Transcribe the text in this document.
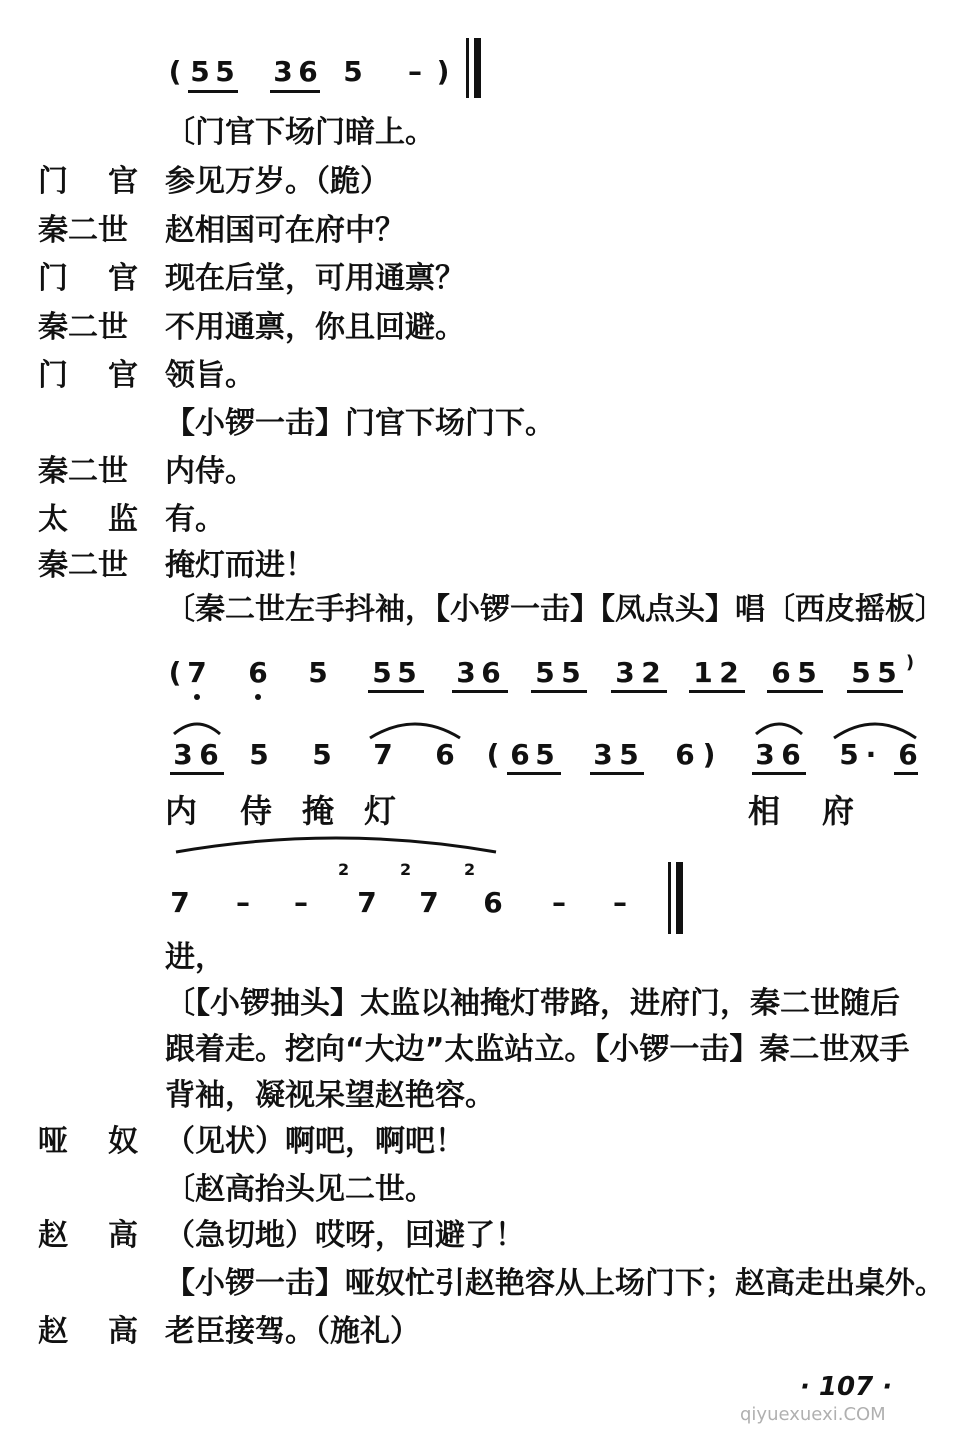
( 5 5 3 6 5 – )
〔门官下场门暗上。
门 官 参见万岁。（跪）
秦二世 赵相国可在府中？
门 官 现在后堂，可用通禀？
秦二世 不用通禀，你且回避。
门 官 领旨。
【小锣一击】门官下场门下。
秦二世 内侍。
太 监 有。
秦二世 掩灯而进！
〔秦二世左手抖袖，【小锣一击】【凤点头】唱〔西皮摇板〕
( 7 6 5 5 5 3 6 5 5 3 2 1 2 6 5 5 5 )
3 6 5 5 7 6	( 6 5 3 5 6 )	3 6 5 · 6
内 侍 掩 灯	相 府
7 – –
2
7
2
7
2
6 – –
进，
〔【小锣抽头】太监以袖掩灯带路，进府门，秦二世随后
跟着走。挖向“大边”太监站立。【小锣一击】秦二世双手
背袖，凝视呆望赵艳容。
哑 奴 （见状）啊吧，啊吧！
〔赵高抬头见二世。
赵 高 （急切地）哎呀，回避了！
【小锣一击】哑奴忙引赵艳容从上场门下；赵高走出桌外。
赵 高 老臣接驾。（施礼）
· 107 ·
qiyuexuexi.COM
